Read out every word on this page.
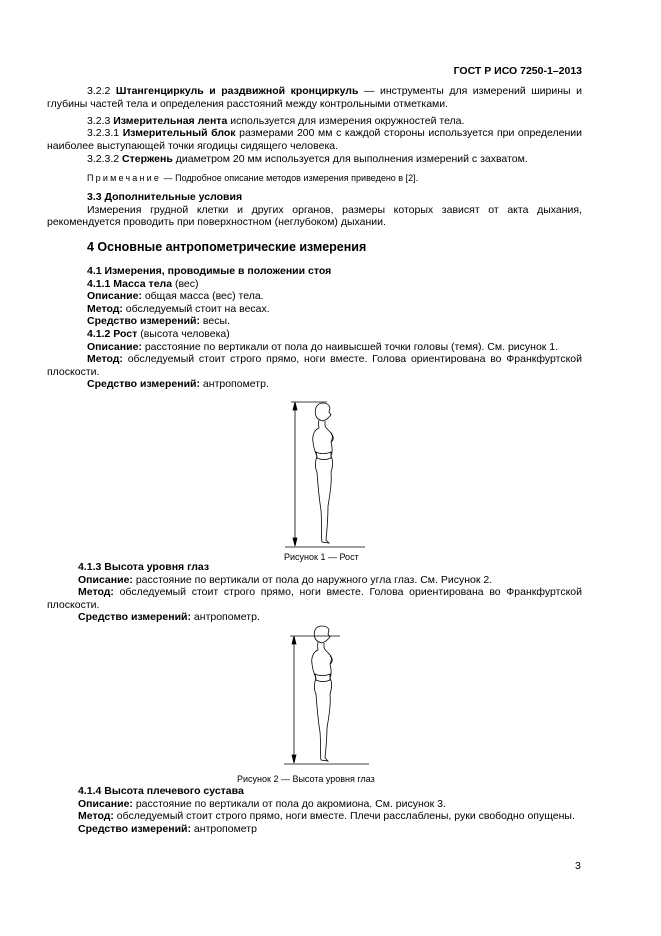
ГОСТ Р ИСО 7250-1–2013

3.2.2 Штангенциркуль и раздвижной кронциркуль — инструменты для измерений ширины и глубины частей тела и определения расстояний между контрольными отметками.

3.2.3 Измерительная лента используется для измерения окружностей тела.

3.2.3.1 Измерительный блок размерами 200 мм с каждой стороны используется при определении наиболее выступающей точки ягодицы сидящего человека.

3.2.3.2 Стержень диаметром 20 мм используется для выполнения измерений с захватом.

Примечание — Подробное описание методов измерения приведено в [2].

3.3 Дополнительные условия

Измерения грудной клетки и других органов, размеры которых зависят от акта дыхания, рекомендуется проводить при поверхностном (неглубоком) дыхании.

4 Основные антропометрические измерения

4.1 Измерения, проводимые в положении стоя

4.1.1 Масса тела (вес)

Описание: общая масса (вес) тела.

Метод: обследуемый стоит на весах.

Средство измерений: весы.

4.1.2 Рост (высота человека)

Описание: расстояние по вертикали от пола до наивысшей точки головы (темя). См. рисунок 1.

Метод: обследуемый стоит строго прямо, ноги вместе. Голова ориентирована во Франкфуртской плоскости.

Средство измерений: антропометр.

Рисунок 1 — Рост

4.1.3 Высота уровня глаз

Описание: расстояние по вертикали от пола до наружного угла глаз. См. Рисунок 2.

Метод: обследуемый стоит строго прямо, ноги вместе. Голова ориентирована во Франкфуртской плоскости.

Средство измерений: антропометр.

Рисунок 2 — Высота уровня глаз

4.1.4 Высота плечевого сустава

Описание: расстояние по вертикали от пола до акромиона. См. рисунок 3.

Метод: обследуемый стоит строго прямо, ноги вместе. Плечи расслаблены, руки свободно опущены.

Средство измерений: антропометр

3
